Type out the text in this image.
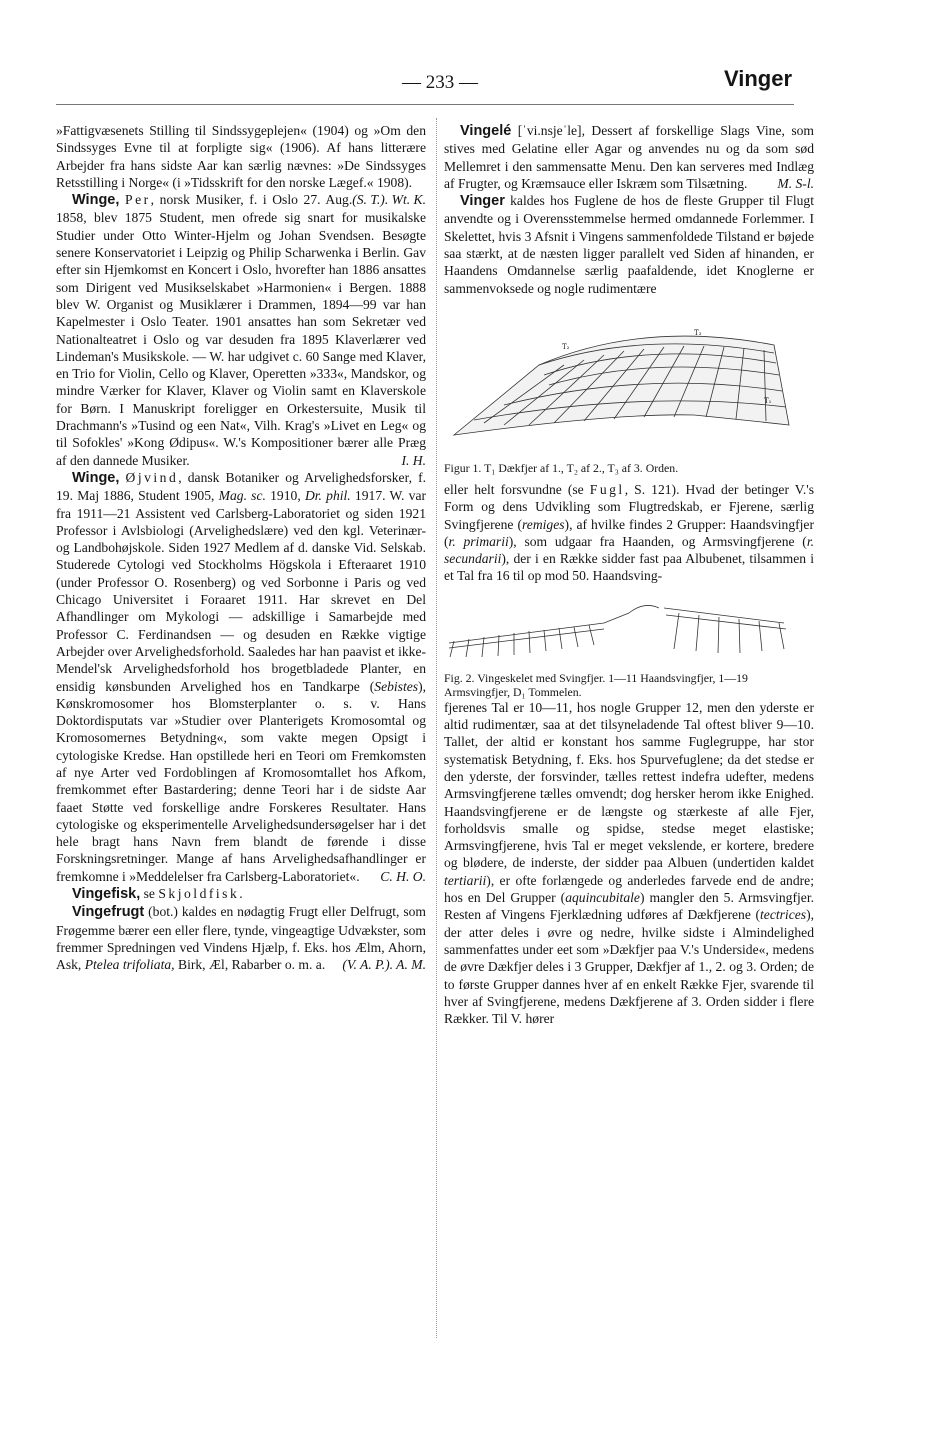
— 233 —	Vinger

»Fattigvæsenets Stilling til Sindssygeplejen« (1904) og »Om den Sindssyges Evne til at forpligte sig« (1906). Af hans litterære Arbejder fra hans sidste Aar kan særlig nævnes: »De Sindssyges Retsstilling i Norge« (i »Tidsskrift for den norske Lægef.« 1908).
(S. T.). Wt. K.

Winge, Per, norsk Musiker, f. i Oslo 27. Aug. 1858, blev 1875 Student, men ofrede sig snart for musikalske Studier under Otto Winter-Hjelm og Johan Svendsen. Besøgte senere Konservatoriet i Leipzig og Philip Scharwenka i Berlin. Gav efter sin Hjemkomst en Koncert i Oslo, hvorefter han 1886 ansattes som Dirigent ved Musikselskabet »Harmonien« i Bergen. 1888 blev W. Organist og Musiklærer i Drammen, 1894—99 var han Kapelmester i Oslo Teater. 1901 ansattes han som Sekretær ved Nationalteatret i Oslo og var desuden fra 1895 Klaverlærer ved Lindeman's Musikskole. — W. har udgivet c. 60 Sange med Klaver, en Trio for Violin, Cello og Klaver, Operetten »333«, Mandskor, og mindre Værker for Klaver, Klaver og Violin samt en Klaverskole for Børn. I Manuskript foreligger en Orkestersuite, Musik til Drachmann's »Tusind og een Nat«, Vilh. Krag's »Livet en Leg« og til Sofokles' »Kong Ødipus«. W.'s Kompositioner bærer alle Præg af den dannede Musiker.	I. H.

Winge, Øjvind, dansk Botaniker og Arvelighedsforsker, f. 19. Maj 1886, Student 1905, Mag. sc. 1910, Dr. phil. 1917. W. var fra 1911—21 Assistent ved Carlsberg-Laboratoriet og siden 1921 Professor i Avlsbiologi (Arvelighedslære) ved den kgl. Veterinær- og Landbohøjskole. Siden 1927 Medlem af d. danske Vid. Selskab. Studerede Cytologi ved Stockholms Högskola i Efteraaret 1910 (under Professor O. Rosenberg) og ved Sorbonne i Paris og ved Chicago Universitet i Foraaret 1911. Har skrevet en Del Afhandlinger om Mykologi — adskillige i Samarbejde med Professor C. Ferdinandsen — og desuden en Række vigtige Arbejder over Arvelighedsforhold. Saaledes har han paavist et ikke-Mendel'sk Arvelighedsforhold hos brogetbladede Planter, en ensidig kønsbunden Arvelighed hos en Tandkarpe (Sebistes), Kønskromosomer hos Blomsterplanter o. s. v. Hans Doktordisputats var »Studier over Planterigets Kromosomtal og Kromosomernes Betydning«, som vakte megen Opsigt i cytologiske Kredse. Han opstillede heri en Teori om Fremkomsten af nye Arter ved Fordoblingen af Kromosomtallet hos Afkom, fremkommet efter Bastardering; denne Teori har i de sidste Aar faaet Støtte ved forskellige andre Forskeres Resultater. Hans cytologiske og eksperimentelle Arvelighedsundersøgelser har i det hele bragt hans Navn frem blandt de førende i disse Forskningsretninger. Mange af hans Arvelighedsafhandlinger er fremkomne i »Meddelelser fra Carlsberg-Laboratoriet«.	C. H. O.

Vingefisk, se Skjoldfisk.

Vingefrugt (bot.) kaldes en nødagtig Frugt eller Delfrugt, som Frøgemme bærer een eller flere, tynde, vingeagtige Udvækster, som fremmer Spredningen ved Vindens Hjælp, f. Eks. hos Ælm, Ahorn, Ask, Ptelea trifoliata, Birk, Æl, Rabarber o. m. a.	(V. A. P.). A. M.

Vingelé [ˈvi.nsjeˈle], Dessert af forskellige Slags Vine, som stives med Gelatine eller Agar og anvendes nu og da som sød Mellemret i den sammensatte Menu. Den kan serveres med Indlæg af Frugter, og Kræmsauce eller Iskræm som Tilsætning.	M. S-l.

Vinger kaldes hos Fuglene de hos de fleste Grupper til Flugt anvendte og i Overensstemmelse hermed omdannede Forlemmer. I Skelettet, hvis 3 Afsnit i Vingens sammenfoldede Tilstand er bøjede saa stærkt, at de næsten ligger parallelt ved Siden af hinanden, er Haandens Omdannelse særlig paafaldende, idet Knoglerne er sammenvoksede og nogle rudimentære

T₃
T₂
T₁
Figur 1. T₁ Dækfjer af 1., T₂ af 2., T₃ af 3. Orden.

eller helt forsvundne (se Fugl, S. 121). Hvad der betinger V.'s Form og dens Udvikling som Flugtredskab, er Fjerene, særlig Svingfjerene (remiges), af hvilke findes 2 Grupper: Haandsvingfjer (r. primarii), som udgaar fra Haanden, og Armsvingfjerene (r. secundarii), der i en Række sidder fast paa Albubenet, tilsammen i et Tal fra 16 til op mod 50. Haandsving-

Fig. 2. Vingeskelet med Svingfjer. 1—11 Haandsvingfjer, 1—19 Armsvingfjer, D₁ Tommelen.

fjerenes Tal er 10—11, hos nogle Grupper 12, men den yderste er altid rudimentær, saa at det tilsyneladende Tal oftest bliver 9—10. Tallet, der altid er konstant hos samme Fuglegruppe, har stor systematisk Betydning, f. Eks. hos Spurvefuglene; da det stedse er den yderste, der forsvinder, tælles rettest indefra udefter, medens Armsvingfjerene tælles omvendt; dog hersker herom ikke Enighed. Haandsvingfjerene er de længste og stærkeste af alle Fjer, forholdsvis smalle og spidse, stedse meget elastiske; Armsvingfjerene, hvis Tal er meget vekslende, er kortere, bredere og blødere, de inderste, der sidder paa Albuen (undertiden kaldet tertiarii), er ofte forlængede og anderledes farvede end de andre; hos en Del Grupper (aquincubitale) mangler den 5. Armsvingfjer. Resten af Vingens Fjerklædning udføres af Dækfjerene (tectrices), der atter deles i øvre og nedre, hvilke sidste i Almindelighed sammenfattes under eet som »Dækfjer paa V.'s Underside«, medens de øvre Dækfjer deles i 3 Grupper, Dækfjer af 1., 2. og 3. Orden; de to første Grupper dannes hver af en enkelt Række Fjer, svarende til hver af Svingfjerene, medens Dækfjerene af 3. Orden sidder i flere Rækker. Til V. hører
